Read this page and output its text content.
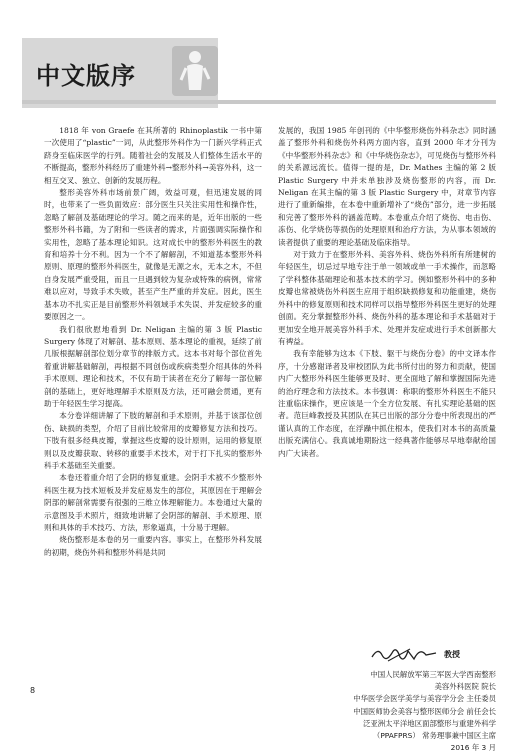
中文版序

1818 年 von Graefe 在其所著的 Rhinoplastik 一书中第一次使用了“plastic”一词，从此整形外科作为一门新兴学科正式跻身至临床医学的行列。随着社会的发展及人们整体生活水平的不断提高，整形外科经历了重建外科→整形外科→美容外科，这一相互交叉、独立、创新的发展历程。

整形美容外科市场前景广阔，效益可观，但迅速发展的同时，也带来了一些负面效应：部分医生只关注实用性和操作性，忽略了解剖及基础理论的学习。随之而来的是，近年出版的一些整形外科书籍，为了附和一些读者的需求，片面强调实际操作和实用性，忽略了基本理论知识。这对成长中的整形外科医生的教育和培养十分不利。因为一个不了解解剖，不知道基本整形外科原则、原理的整形外科医生，就像是无源之水，无本之木，不但自身发展严重受阻，而且一旦遇到较为复杂或特殊的病例，常常难以应对，导致手术失败，甚至产生严重的并发症。因此，医生基本功不扎实正是目前整形外科领域手术失误、并发症较多的重要原因之一。

我们很欣慰地看到 Dr. Neligan 主编的第 3 版 Plastic Surgery 体现了对解剖、基本原则、基本理论的重视，延续了前几版根据解剖部位划分章节的排版方式。这本书对每个部位首先着重讲解基础解剖，再根据不同创伤或疾病类型介绍具体的外科手术原则、理论和技术，不仅有助于读者在充分了解每一部位解剖的基础上，更好地理解手术原则及方法，还可融会贯通，更有助于年轻医生学习提高。

本分卷详细讲解了下肢的解剖和手术原则，并基于该部位创伤、缺损的类型，介绍了目前比较常用的皮瓣修复方法和技巧。下肢有很多经典皮瓣，掌握这些皮瓣的设计原则，运用的修复原则以及皮瓣获取、转移的重要手术技术，对于打下扎实的整形外科手术基础至关重要。

本卷还着重介绍了会阴的修复重建。会阴手术被不少整形外科医生视为技术短板及并发症易发生的部位，其原因在于理解会阴部的解剖常需要有很强的三维立体理解能力。本卷通过大量的示意图及手术照片，细致地讲解了会阴部的解剖、手术原理、原则和具体的手术技巧、方法，形象逼真，十分易于理解。

烧伤整形是本卷的另一重要内容。事实上，在整形外科发展的初期，烧伤外科和整形外科是共同

发展的，我国 1985 年创刊的《中华整形烧伤外科杂志》同时涵盖了整形外科和烧伤外科两方面内容，直到 2000 年才分刊为《中华整形外科杂志》和《中华烧伤杂志》，可见烧伤与整形外科的关系源远流长。值得一提的是，Dr. Mathes 主编的第 2 版 Plastic Surgery 中并未单独涉及烧伤整形的内容，而 Dr. Neligan 在其主编的第 3 版 Plastic Surgery 中，对章节内容进行了重新编排，在本卷中重新增补了“烧伤”部分，进一步拓展和完善了整形外科的涵盖范畴。本卷重点介绍了烧伤、电击伤、冻伤、化学烧伤等损伤的处理原则和治疗方法，为从事本领域的读者提供了重要的理论基础及临床指导。

对于致力于在整形外科、美容外科、烧伤外科所有所建树的年轻医生，切忌过早地专注于单一领域或单一手术操作，而忽略了学科整体基础理论和基本技术的学习。例如整形外科中的多种皮瓣也常被烧伤外科医生应用于组织缺损修复和功能重建，烧伤外科中的修复原则和技术同样可以指导整形外科医生更好的处理创面。充分掌握整形外科、烧伤外科的基本理论和手术基础对于更加安全地开展美容外科手术、处理并发症或进行手术创新都大有裨益。

我有幸能够为这本《下肢、躯干与烧伤分卷》的中文译本作序，十分感谢译者及审校团队为此书所付出的努力和贡献，使国内广大整形外科医生能够更及时、更全面地了解和掌握国际先进的治疗理念和方法技术。本书强调：称职的整形外科医生不能只注重临床操作，更应该是一个全方位发展、有扎实理论基础的医者。范巨峰教授及其团队在其已出版的部分分卷中所表现出的严谨认真的工作态度，在浮躁中抓住根本，使我们对本书的高质量出版充满信心。我真诚地期盼这一经典著作能够尽早地奉献给国内广大读者。

教授
中国人民解放军第三军医大学西南整形
美容外科医院 院长
中华医学会医学美学与美容学分会 主任委员
中国医师协会美容与整形医师分会 前任会长
泛亚洲太平洋地区面部整形与重建外科学
（PPAFPRS） 常务理事兼中国区主席
2016 年 3 月
8
